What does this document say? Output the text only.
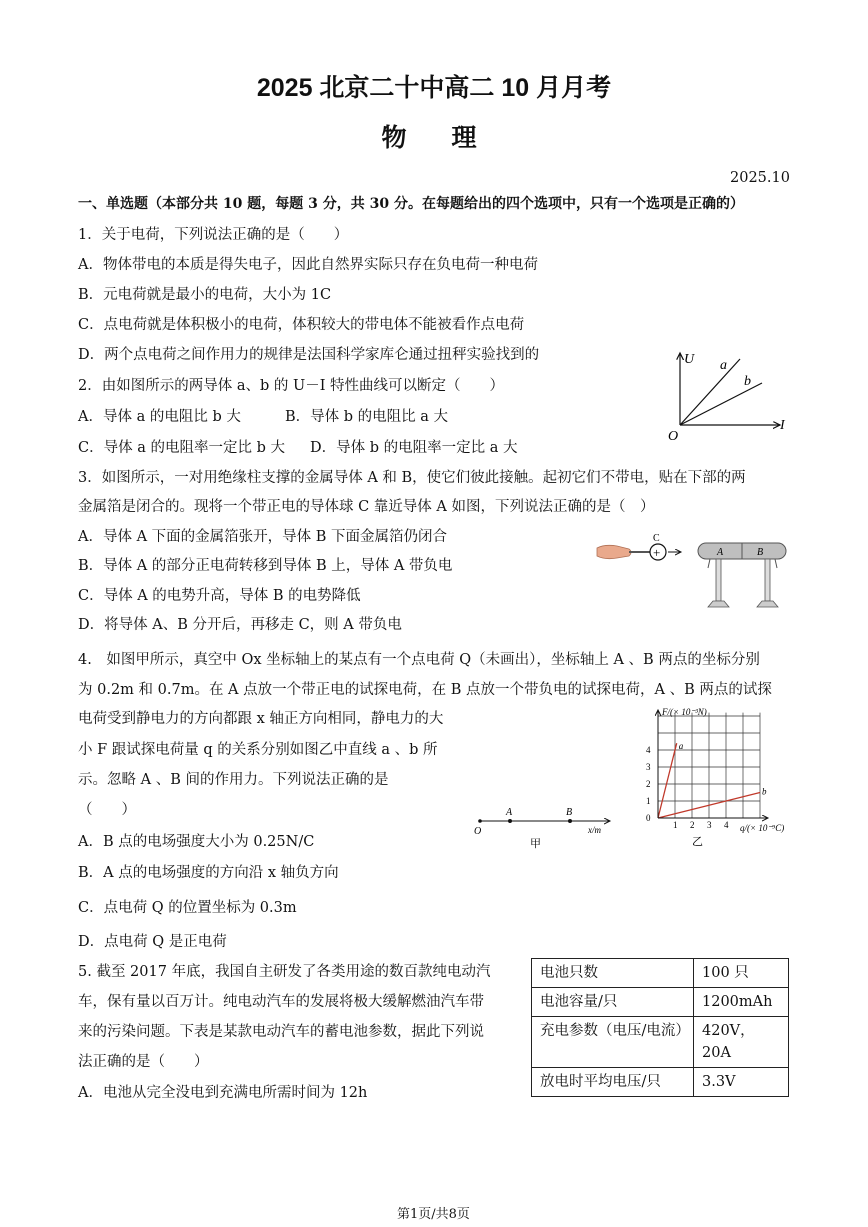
2025 北京二十中高二 10 月月考
物　理
2025.10
一、单选题（本部分共 10 题，每题 3 分，共 30 分。在每题给出的四个选项中，只有一个选项是正确的）
1．关于电荷，下列说法正确的是（　　）
A．物体带电的本质是得失电子，因此自然界实际只存在负电荷一种电荷
B．元电荷就是最小的电荷，大小为 1C
C．点电荷就是体积极小的电荷，体积较大的带电体不能被看作点电荷
D．两个点电荷之间作用力的规律是法国科学家库仑通过扭秤实验找到的
2．由如图所示的两导体 a、b 的 U－I 特性曲线可以断定（　　）
A．导体 a 的电阻比 b 大	B．导体 b 的电阻比 a 大
C．导体 a 的电阻率一定比 b 大 D．导体 b 的电阻率一定比 a 大
U
I
O
a
b
3．如图所示，一对用绝缘柱支撑的金属导体 A 和 B，使它们彼此接触。起初它们不带电，贴在下部的两
金属箔是闭合的。现将一个带正电的导体球 C 靠近导体 A 如图，下列说法正确的是（　）
A．导体 A 下面的金属箔张开，导体 B 下面金属箔仍闭合
B．导体 A 的部分正电荷转移到导体 B 上，导体 A 带负电
C．导体 A 的电势升高，导体 B 的电势降低
D．将导体 A、B 分开后，再移走 C，则 A 带负电
+
C
A	B
4.　如图甲所示，真空中 Ox 坐标轴上的某点有一个点电荷 Q（未画出），坐标轴上 A 、B 两点的坐标分别
为 0.2m 和 0.7m。在 A 点放一个带正电的试探电荷，在 B 点放一个带负电的试探电荷，A 、B 两点的试探
电荷受到静电力的方向都跟 x 轴正方向相同，静电力的大
小 F 跟试探电荷量 q 的关系分别如图乙中直线 a 、b 所
示。忽略 A 、B 间的作用力。下列说法正确的是
（　　）
A．B 点的电场强度大小为 0.25N/C
B．A 点的电场强度的方向沿 x 轴负方向
C．点电荷 Q 的位置坐标为 0.3m
D．点电荷 Q 是正电荷
O
A	B
x/m
甲
a
b
0
1
2
3
4
1 2 3 4
F/(× 10⁻³N)
q/(× 10⁻⁹C)
乙
5. 截至 2017 年底，我国自主研发了各类用途的数百款纯电动汽
车，保有量以百万计。纯电动汽车的发展将极大缓解燃油汽车带
来的污染问题。下表是某款电动汽车的蓄电池参数，据此下列说
法正确的是（　　）
A．电池从完全没电到充满电所需时间为 12h
电池只数	100 只
电池容量/只	1200mAh
充电参数（电压/电流）	420V，20A
放电时平均电压/只	3.3V
第1页/共8页
